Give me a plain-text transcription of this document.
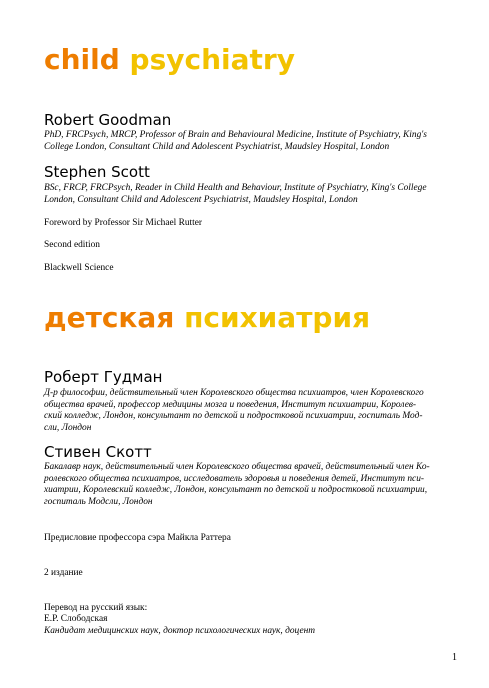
child psychiatry
Robert Goodman
PhD, FRCPsych, MRCP, Professor of Brain and Behavioural Medicine, Institute of Psychiatry, King's
College London, Consultant Child and Adolescent Psychiatrist, Maudsley Hospital, London
Stephen Scott
BSc, FRCP, FRCPsych, Reader in Child Health and Behaviour, Institute of Psychiatry, King's College
London, Consultant Child and Adolescent Psychiatrist, Maudsley Hospital, London
Foreword by Professor Sir Michael Rutter
Second edition
Blackwell Science
детская психиатрия
Роберт Гудман
Д-р философии, действительный член Королевского общества психиатров, член Королевского
общества врачей, профессор медицины мозга и поведения, Институт психиатрии, Королев-
ский колледж, Лондон, консультант по детской и подростковой психиатрии, госпиталь Мод-
сли, Лондон
Стивен Скотт
Бакалавр наук, действительный член Королевского общества врачей, действительный член Ко-
ролевского общества психиатров, исследователь здоровья и поведения детей, Институт пси-
хиатрии, Королевский колледж, Лондон, консультант по детской и подростковой психиатрии,
госпиталь Модсли, Лондон
Предисловие профессора сэра Майкла Раттера
2 издание
Перевод на русский язык:
Е.Р. Слободская
Кандидат медицинских наук, доктор психологических наук, доцент
1
